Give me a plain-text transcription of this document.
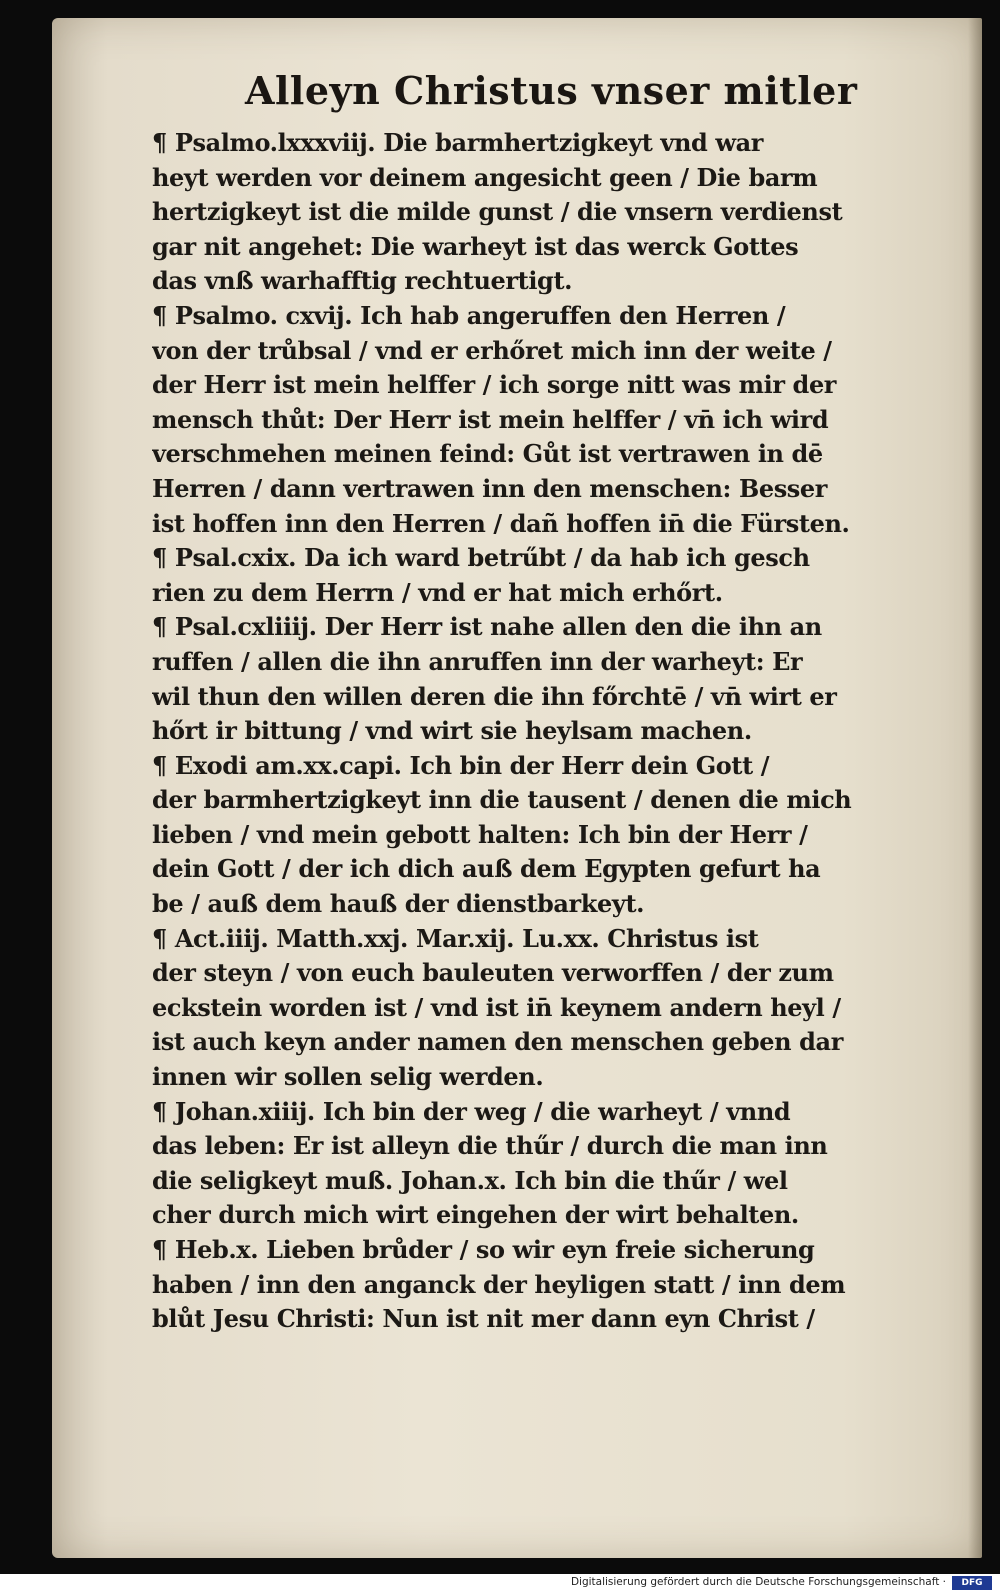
Alleyn Christus vnser mitler
¶ Psalmo.lxxxviij. Die barmhertzigkeyt vnd war
heyt werden vor deinem angesicht geen / Die barm
hertzigkeyt ist die milde gunst / die vnsern verdienst
gar nit angehet: Die warheyt ist das werck Gottes
das vnß warhafftig rechtuertigt.
¶ Psalmo. cxvij. Ich hab angeruffen den Herren /
von der trůbsal / vnd er erhőret mich inn der weite /
der Herr ist mein helffer / ich sorge nitt was mir der
mensch thůt: Der Herr ist mein helffer / vn̄ ich wird
verschmehen meinen feind: Gůt ist vertrawen in dē
Herren / dann vertrawen inn den menschen: Besser
ist hoffen inn den Herren / dañ hoffen in̄ die Fürsten.
¶ Psal.cxix. Da ich ward betrűbt / da hab ich gesch
rien zu dem Herrn / vnd er hat mich erhőrt.
¶ Psal.cxliiij. Der Herr ist nahe allen den die ihn an
ruffen / allen die ihn anruffen inn der warheyt: Er
wil thun den willen deren die ihn főrchtē / vn̄ wirt er
hőrt ir bittung / vnd wirt sie heylsam machen.
¶ Exodi am.xx.capi. Ich bin der Herr dein Gott /
der barmhertzigkeyt inn die tausent / denen die mich
lieben / vnd mein gebott halten: Ich bin der Herr /
dein Gott / der ich dich auß dem Egypten gefurt ha
be / auß dem hauß der dienstbarkeyt.
¶ Act.iiij. Matth.xxj. Mar.xij. Lu.xx. Christus ist
der steyn / von euch bauleuten verworffen / der zum
eckstein worden ist / vnd ist in̄ keynem andern heyl /
ist auch keyn ander namen den menschen geben dar
innen wir sollen selig werden.
¶ Johan.xiiij. Ich bin der weg / die warheyt / vnnd
das leben: Er ist alleyn die thűr / durch die man inn
die seligkeyt muß. Johan.x. Ich bin die thűr / wel
cher durch mich wirt eingehen der wirt behalten.
¶ Heb.x. Lieben brůder / so wir eyn freie sicherung
haben / inn den anganck der heyligen statt / inn dem
blůt Jesu Christi: Nun ist nit mer dann eyn Christ /
Digitalisierung gefördert durch die Deutsche Forschungsgemeinschaft ·	DFG
